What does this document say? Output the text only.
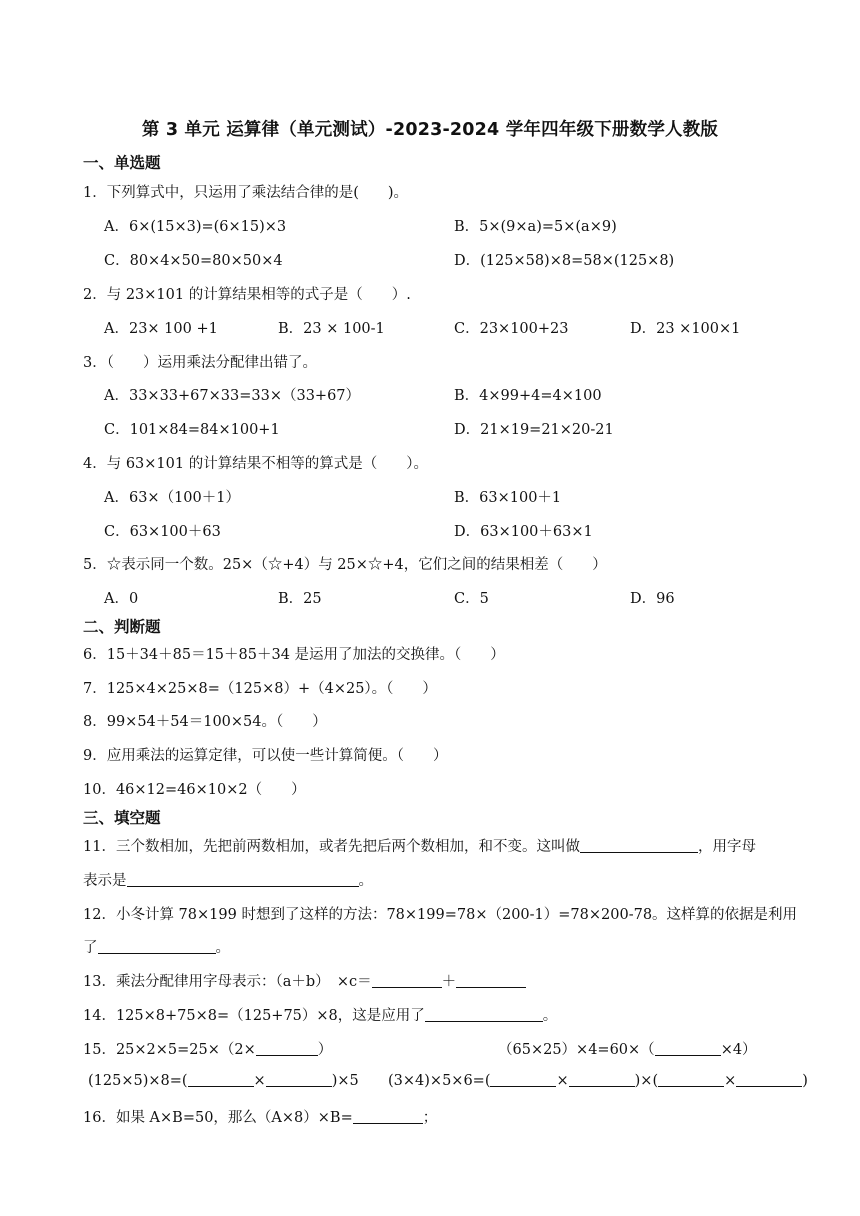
第 3 单元 运算律（单元测试）-2023-2024 学年四年级下册数学人教版
一、单选题
1．下列算式中，只运用了乘法结合律的是(　　)。
A．6×(15×3)=(6×15)×3	B．5×(9×a)=5×(a×9)
C．80×4×50=80×50×4	D．(125×58)×8=58×(125×8)
2．与 23×101 的计算结果相等的式子是（　　）.
A．23× 100 +1	B．23 × 100-1	C．23×100+23	D．23 ×100×1
3．（　　）运用乘法分配律出错了。
A．33×33+67×33=33×（33+67）	B．4×99+4=4×100
C．101×84=84×100+1	D．21×19=21×20-21
4．与 63×101 的计算结果不相等的算式是（　　）。
A．63×（100＋1）	B．63×100＋1
C．63×100＋63	D．63×100＋63×1
5．☆表示同一个数。25×（☆+4）与 25×☆+4，它们之间的结果相差（　　）
A．0	B．25	C．5	D．96
二、判断题
6．15＋34＋85＝15＋85＋34 是运用了加法的交换律。（　　）
7．125×4×25×8=（125×8）+（4×25）。（　　）
8．99×54＋54＝100×54。（　　）
9．应用乘法的运算定律，可以使一些计算简便。（　　）
10．46×12=46×10×2（　　）
三、填空题
11．三个数相加，先把前两数相加，或者先把后两个数相加，和不变。这叫做	，用字母
表示是	。
12．小冬计算 78×199 时想到了这样的方法：78×199=78×（200-1）=78×200-78。这样算的依据是利用
了	。
13．乘法分配律用字母表示：（a＋b）　×c＝	＋
14．125×8+75×8=（125+75）×8，这是应用了	。
15．25×2×5=25×（2×	）	（65×25）×4=60×（	×4）
(125×5)×8=(	×	)×5 (3×4)×5×6=(	×	)×(	×	)
16．如果 A×B=50，那么（A×8）×B=	；
